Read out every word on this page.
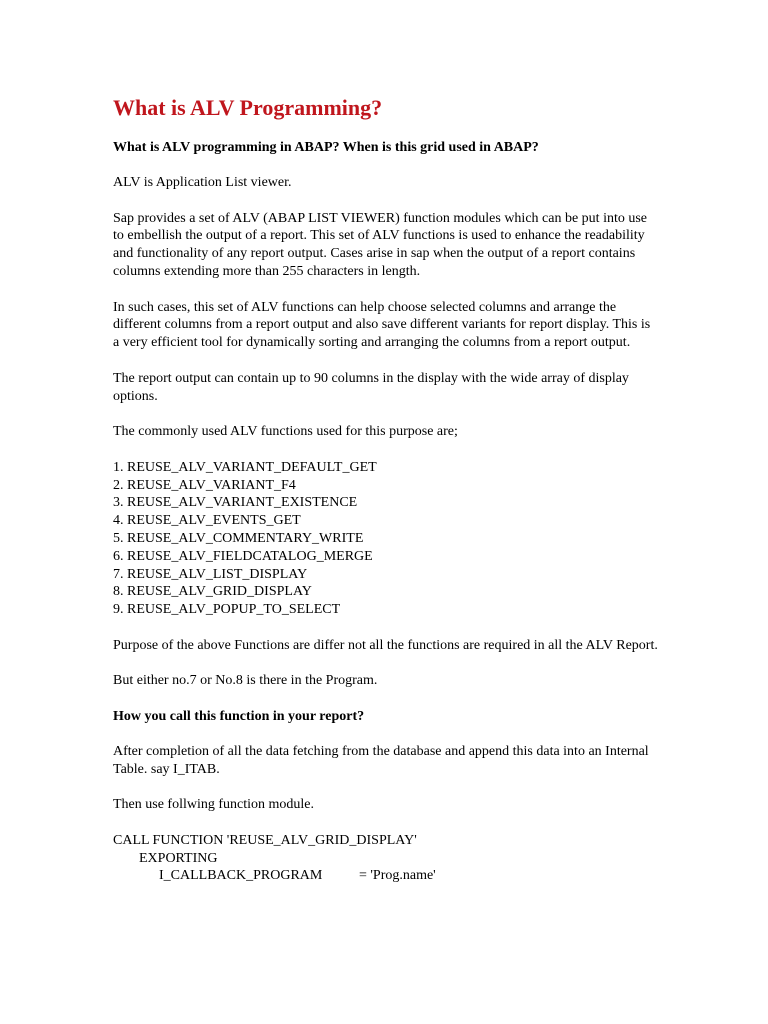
What is ALV Programming?
What is ALV programming in ABAP? When is this grid used in ABAP?

ALV is Application List viewer.

Sap provides a set of ALV (ABAP LIST VIEWER) function modules which can be put into use to embellish the output of a report. This set of ALV functions is used to enhance the readability and functionality of any report output. Cases arise in sap when the output of a report contains columns extending more than 255 characters in length.

In such cases, this set of ALV functions can help choose selected columns and arrange the different columns from a report output and also save different variants for report display. This is a very efficient tool for dynamically sorting and arranging the columns from a report output.

The report output can contain up to 90 columns in the display with the wide array of display options.

The commonly used ALV functions used for this purpose are;

1. REUSE_ALV_VARIANT_DEFAULT_GET
2. REUSE_ALV_VARIANT_F4
3. REUSE_ALV_VARIANT_EXISTENCE
4. REUSE_ALV_EVENTS_GET
5. REUSE_ALV_COMMENTARY_WRITE
6. REUSE_ALV_FIELDCATALOG_MERGE
7. REUSE_ALV_LIST_DISPLAY
8. REUSE_ALV_GRID_DISPLAY
9. REUSE_ALV_POPUP_TO_SELECT

Purpose of the above Functions are differ not all the functions are required in all the ALV Report.

But either no.7 or No.8 is there in the Program.

How you call this function in your report?

After completion of all the data fetching from the database and append this data into an Internal Table. say I_ITAB.

Then use follwing function module.

CALL FUNCTION 'REUSE_ALV_GRID_DISPLAY'
EXPORTING
I_CALLBACK_PROGRAM	= 'Prog.name'
